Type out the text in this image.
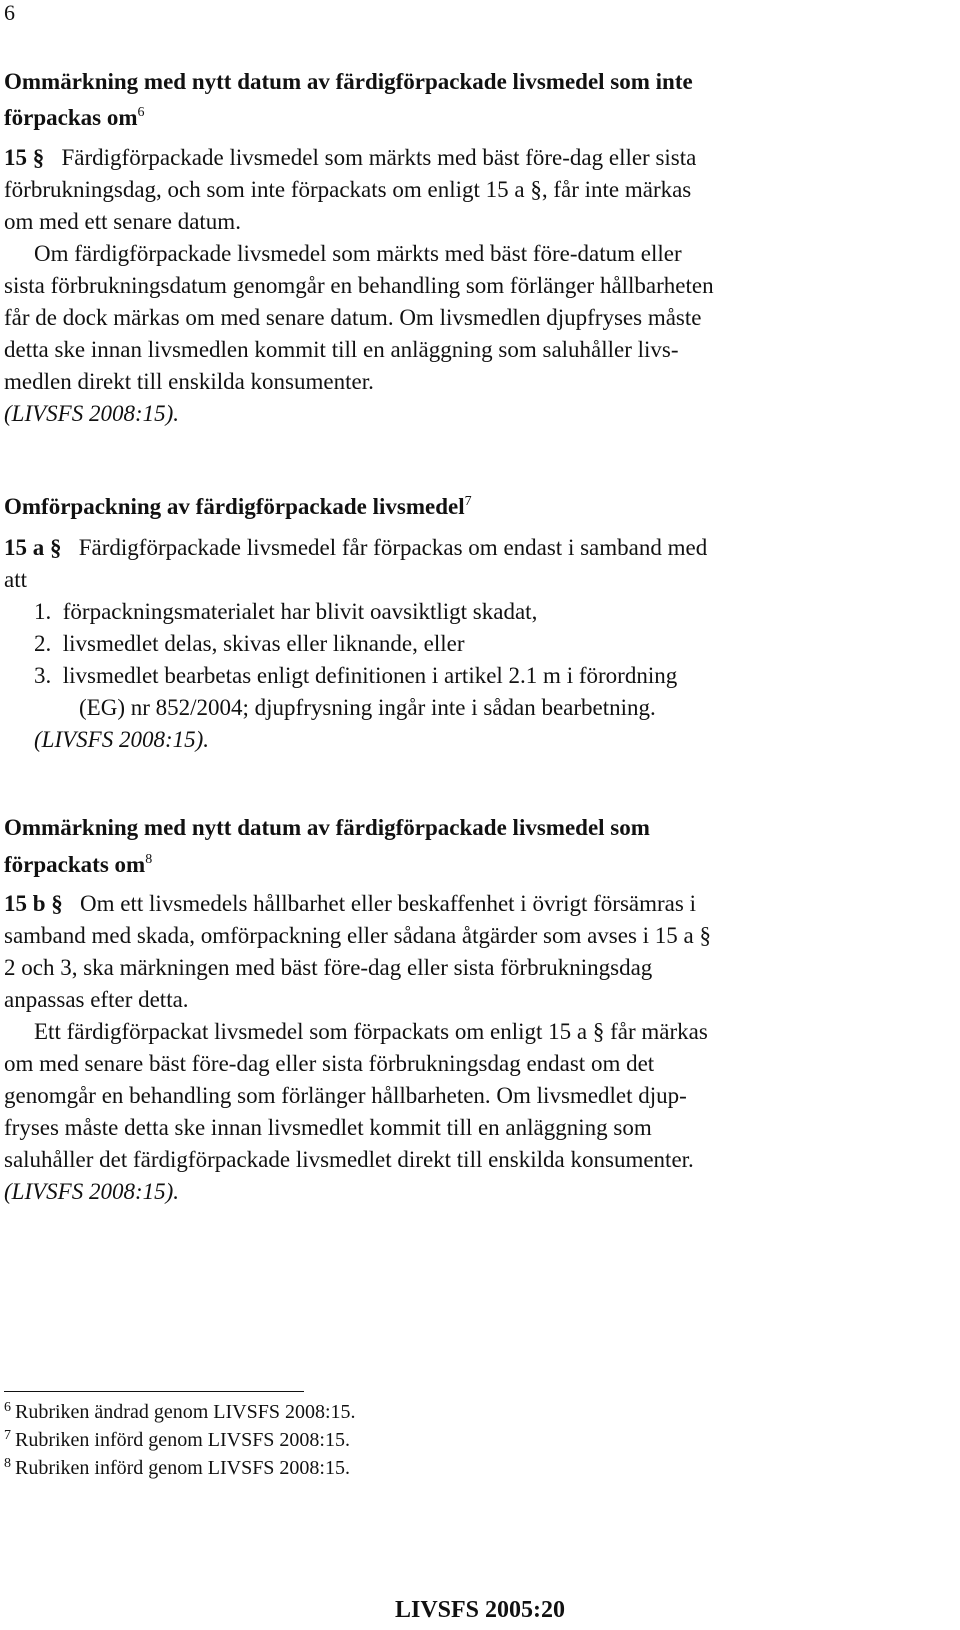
6
Ommärkning med nytt datum av färdigförpackade livsmedel som inte
förpackas om$^6$
15 § Färdigförpackade livsmedel som märkts med bäst före-dag eller sista
förbrukningsdag, och som inte förpackats om enligt 15 a §, får inte märkas
om med ett senare datum.
Om färdigförpackade livsmedel som märkts med bäst före-datum eller
sista förbrukningsdatum genomgår en behandling som förlänger hållbarheten
får de dock märkas om med senare datum. Om livsmedlen djupfryses måste
detta ske innan livsmedlen kommit till en anläggning som saluhåller livs-
medlen direkt till enskilda konsumenter.
(LIVSFS 2008:15).
Omförpackning av färdigförpackade livsmedel$^7$
15 a § Färdigförpackade livsmedel får förpackas om endast i samband med
att
1. förpackningsmaterialet har blivit oavsiktligt skadat,
2. livsmedlet delas, skivas eller liknande, eller
3. livsmedlet bearbetas enligt definitionen i artikel 2.1 m i förordning
(EG) nr 852/2004; djupfrysning ingår inte i sådan bearbetning.
(LIVSFS 2008:15).
Ommärkning med nytt datum av färdigförpackade livsmedel som
förpackats om$^8$
15 b § Om ett livsmedels hållbarhet eller beskaffenhet i övrigt försämras i
samband med skada, omförpackning eller sådana åtgärder som avses i 15 a §
2 och 3, ska märkningen med bäst före-dag eller sista förbrukningsdag
anpassas efter detta.
Ett färdigförpackat livsmedel som förpackats om enligt 15 a § får märkas
om med senare bäst före-dag eller sista förbrukningsdag endast om det
genomgår en behandling som förlänger hållbarheten. Om livsmedlet djup-
fryses måste detta ske innan livsmedlet kommit till en anläggning som
saluhåller det färdigförpackade livsmedlet direkt till enskilda konsumenter.
(LIVSFS 2008:15).
$^6$ Rubriken ändrad genom LIVSFS 2008:15.
$^7$ Rubriken införd genom LIVSFS 2008:15.
$^8$ Rubriken införd genom LIVSFS 2008:15.
LIVSFS 2005:20
